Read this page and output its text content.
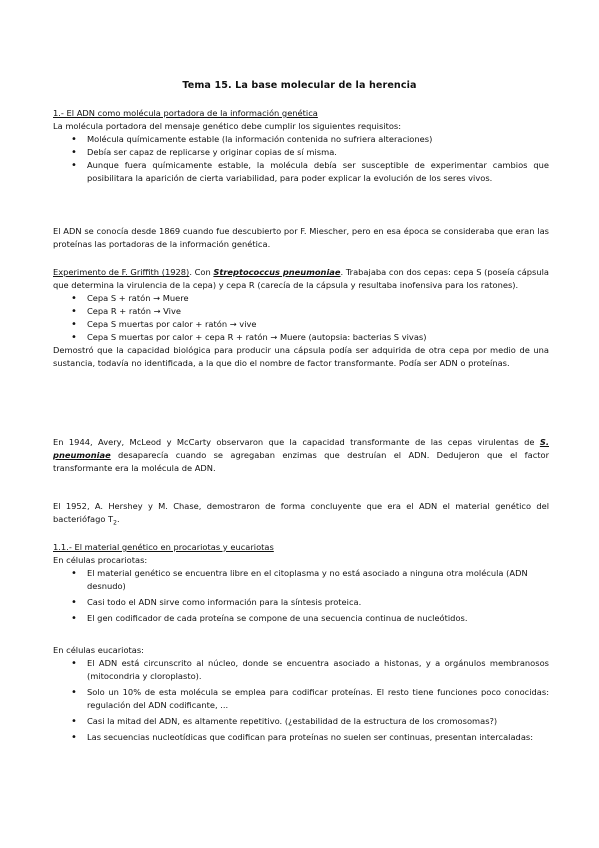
Tema 15. La base molecular de la herencia

1.- El ADN como molécula portadora de la información genética

La molécula portadora del mensaje genético debe cumplir los siguientes requisitos:

• Molécula químicamente estable (la información contenida no sufriera alteraciones)
• Debía ser capaz de replicarse y originar copias de sí misma.
• Aunque fuera químicamente estable, la molécula debía ser susceptible de experimentar cambios que posibilitara la aparición de cierta variabilidad, para poder explicar la evolución de los seres vivos.

El ADN se conocía desde 1869 cuando fue descubierto por F. Miescher, pero en esa época se consideraba que eran las proteínas las portadoras de la información genética.

Experimento de F. Griffith (1928). Con Streptococcus pneumoniae. Trabajaba con dos cepas: cepa S (poseía cápsula que determina la virulencia de la cepa) y cepa R (carecía de la cápsula y resultaba inofensiva para los ratones).

• Cepa S + ratón → Muere
• Cepa R + ratón → Vive
• Cepa S muertas por calor + ratón → vive
• Cepa S muertas por calor + cepa R + ratón → Muere (autopsia: bacterias S vivas)

Demostró que la capacidad biológica para producir una cápsula podía ser adquirida de otra cepa por medio de una sustancia, todavía no identificada, a la que dio el nombre de factor transformante. Podía ser ADN o proteínas.

En 1944, Avery, McLeod y McCarty observaron que la capacidad transformante de las cepas virulentas de S. pneumoniae desaparecía cuando se agregaban enzimas que destruían el ADN. Dedujeron que el factor transformante era la molécula de ADN.

El 1952, A. Hershey y M. Chase, demostraron de forma concluyente que era el ADN el material genético del bacteriófago $T_2$.

1.1.- El material genético en procariotas y eucariotas

En células procariotas:

• El material genético se encuentra libre en el citoplasma y no está asociado a ninguna otra molécula (ADN desnudo)
• Casi todo el ADN sirve como información para la síntesis proteica.
• El gen codificador de cada proteína se compone de una secuencia continua de nucleótidos.

En células eucariotas:

• El ADN está circunscrito al núcleo, donde se encuentra asociado a histonas, y a orgánulos membranosos (mitocondria y cloroplasto).
• Solo un 10% de esta molécula se emplea para codificar proteínas. El resto tiene funciones poco conocidas: regulación del ADN codificante, ...
• Casi la mitad del ADN, es altamente repetitivo. (¿estabilidad de la estructura de los cromosomas?)
• Las secuencias nucleotídicas que codifican para proteínas no suelen ser continuas, presentan intercaladas:
